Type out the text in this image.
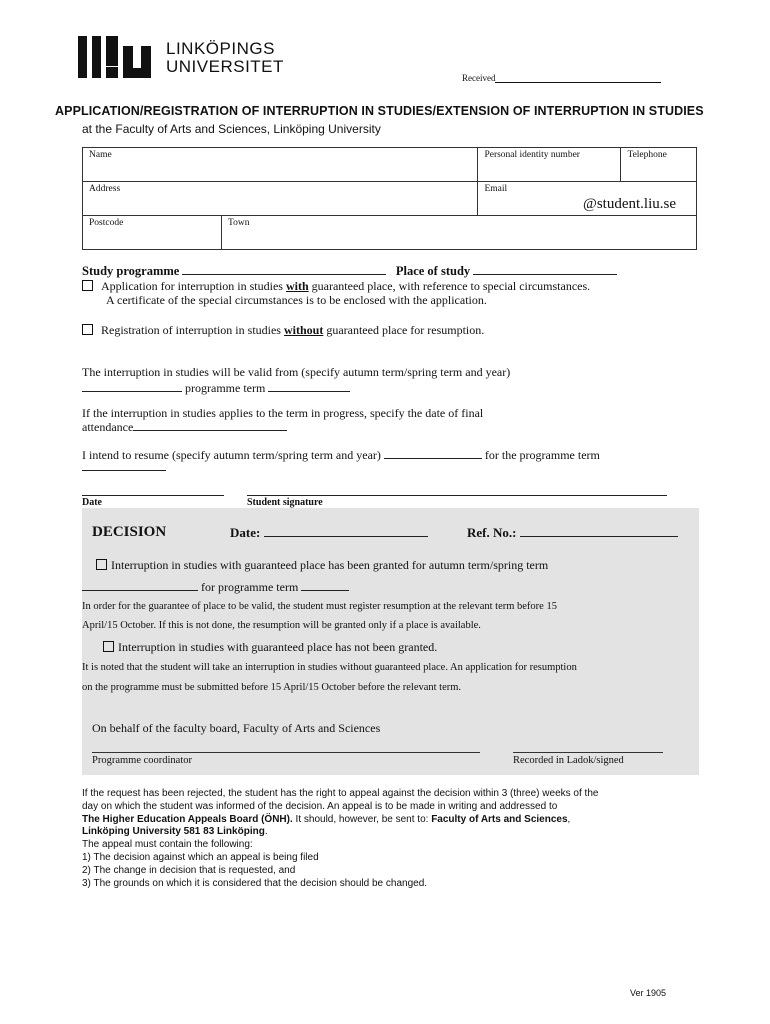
LINKÖPINGS
UNIVERSITET
Received
APPLICATION/REGISTRATION OF INTERRUPTION IN STUDIES/EXTENSION OF INTERRUPTION IN STUDIES
at the Faculty of Arts and Sciences, Linköping University
Name		Personal identity number	Telephone
Address		Email
@student.liu.se	

Postcode	Town		
Study programme	Place of study
Application for interruption in studies with guaranteed place, with reference to special circumstances.
A certificate of the special circumstances is to be enclosed with the application.
Registration of interruption in studies without guaranteed place for resumption.
The interruption in studies will be valid from (specify autumn term/spring term and year)
programme term
If the interruption in studies applies to the term in progress, specify the date of final
attendance
I intend to resume (specify autumn term/spring term and year)	for the programme term
Date	Student signature
DECISION	Date:	Ref. No.:
Interruption in studies with guaranteed place has been granted for autumn term/spring term
for programme term
In order for the guarantee of place to be valid, the student must register resumption at the relevant term before 15
April/15 October. If this is not done, the resumption will be granted only if a place is available.
Interruption in studies with guaranteed place has not been granted.
It is noted that the student will take an interruption in studies without guaranteed place. An application for resumption
on the programme must be submitted before 15 April/15 October before the relevant term.
On behalf of the faculty board, Faculty of Arts and Sciences
Programme coordinator	Recorded in Ladok/signed
If the request has been rejected, the student has the right to appeal against the decision within 3 (three) weeks of the
day on which the student was informed of the decision. An appeal is to be made in writing and addressed to
The Higher Education Appeals Board (ÖNH). It should, however, be sent to: Faculty of Arts and Sciences,
Linköping University 581 83 Linköping.
The appeal must contain the following:
1) The decision against which an appeal is being filed
2) The change in decision that is requested, and
3) The grounds on which it is considered that the decision should be changed.
Ver 1905
